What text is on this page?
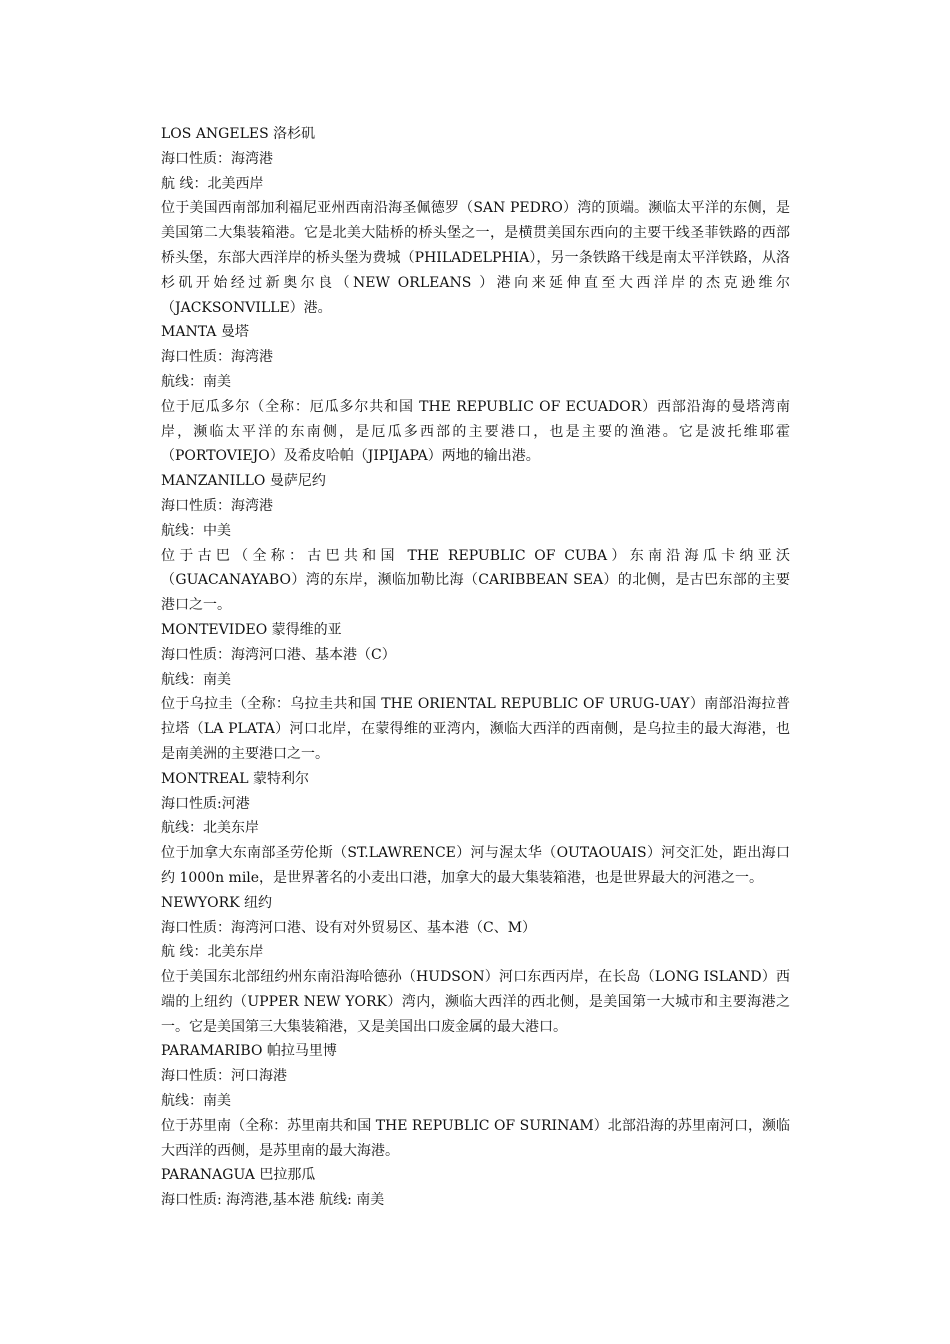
LOS ANGELES 洛杉矶

海口性质：海湾港

航 线：北美西岸

位于美国西南部加利福尼亚州西南沿海圣佩德罗（SAN PEDRO）湾的顶端。濒临太平洋的东侧，是美国第二大集装箱港。它是北美大陆桥的桥头堡之一，是横贯美国东西向的主要干线圣菲铁路的西部桥头堡，东部大西洋岸的桥头堡为费城（PHILADELPHIA），另一条铁路干线是南太平洋铁路，从洛杉矶开始经过新奥尔良（NEW ORLEANS ）港向来延伸直至大西洋岸的杰克逊维尔（JACKSONVILLE）港。

MANTA 曼塔

海口性质：海湾港

航线：南美

位于厄瓜多尔（全称：厄瓜多尔共和国 THE REPUBLIC OF ECUADOR）西部沿海的曼塔湾南岸，濒临太平洋的东南侧，是厄瓜多西部的主要港口，也是主要的渔港。它是波托维耶霍（PORTOVIEJO）及希皮哈帕（JIPIJAPA）两地的输出港。

MANZANILLO 曼萨尼约

海口性质：海湾港

航线：中美

位于古巴（全称：古巴共和国 THE REPUBLIC OF CUBA）东南沿海瓜卡纳亚沃（GUACANAYABO）湾的东岸，濒临加勒比海（CARIBBEAN SEA）的北侧，是古巴东部的主要港口之一。

MONTEVIDEO 蒙得维的亚

海口性质：海湾河口港、基本港（C）

航线：南美

位于乌拉圭（全称：乌拉圭共和国 THE ORIENTAL REPUBLIC OF URUG-UAY）南部沿海拉普拉塔（LA PLATA）河口北岸，在蒙得维的亚湾内，濒临大西洋的西南侧，是乌拉圭的最大海港，也是南美洲的主要港口之一。

MONTREAL 蒙特利尔

海口性质:河港

航线：北美东岸

位于加拿大东南部圣劳伦斯（ST.LAWRENCE）河与渥太华（OUTAOUAIS）河交汇处，距出海口约 1000n mile，是世界著名的小麦出口港，加拿大的最大集装箱港，也是世界最大的河港之一。

NEWYORK 纽约

海口性质：海湾河口港、设有对外贸易区、基本港（C、M）

航 线：北美东岸

位于美国东北部纽约州东南沿海哈德孙（HUDSON）河口东西丙岸，在长岛（LONG ISLAND）西端的上纽约（UPPER NEW YORK）湾内，濒临大西洋的西北侧，是美国第一大城市和主要海港之一。它是美国第三大集装箱港，又是美国出口废金属的最大港口。

PARAMARIBO 帕拉马里博

海口性质：河口海港

航线：南美

位于苏里南（全称：苏里南共和国 THE REPUBLIC OF SURINAM）北部沿海的苏里南河口，濒临大西洋的西侧，是苏里南的最大海港。

PARANAGUA 巴拉那瓜

海口性质: 海湾港,基本港 航线: 南美
